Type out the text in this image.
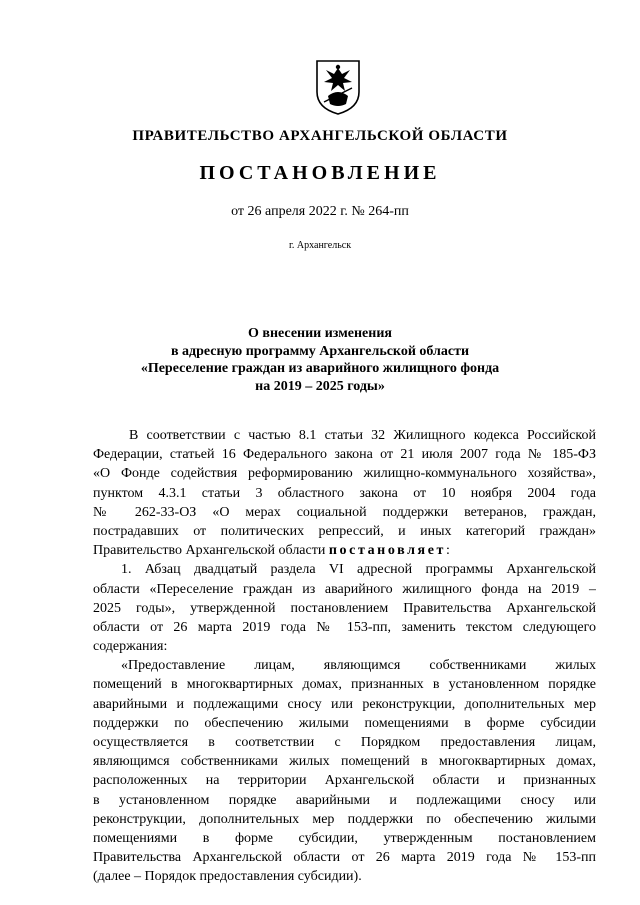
ПРАВИТЕЛЬСТВО АРХАНГЕЛЬСКОЙ ОБЛАСТИ
ПОСТАНОВЛЕНИЕ
от 26 апреля 2022 г. № 264-пп
г. Архангельск
О внесении изменения
в адресную программу Архангельской области
«Переселение граждан из аварийного жилищного фонда
на 2019 – 2025 годы»
В соответствии с частью 8.1 статьи 32 Жилищного кодекса Российской
Федерации, статьей 16 Федерального закона от 21 июля 2007 года № 185-ФЗ
«О Фонде содействия реформированию жилищно-коммунального хозяйства»,
пунктом 4.3.1 статьи 3 областного закона от 10 ноября 2004 года
№ 262-33-ОЗ «О мерах социальной поддержки ветеранов, граждан,
пострадавших от политических репрессий, и иных категорий граждан»
Правительство Архангельской области постановляет:
1. Абзац двадцатый раздела VI адресной программы Архангельской
области «Переселение граждан из аварийного жилищного фонда на 2019 –
2025 годы», утвержденной постановлением Правительства Архангельской
области от 26 марта 2019 года № 153-пп, заменить текстом следующего
содержания:
«Предоставление лицам, являющимся собственниками жилых
помещений в многоквартирных домах, признанных в установленном порядке
аварийными и подлежащими сносу или реконструкции, дополнительных мер
поддержки по обеспечению жилыми помещениями в форме субсидии
осуществляется в соответствии с Порядком предоставления лицам,
являющимся собственниками жилых помещений в многоквартирных домах,
расположенных на территории Архангельской области и признанных
в установленном порядке аварийными и подлежащими сносу или
реконструкции, дополнительных мер поддержки по обеспечению жилыми
помещениями в форме субсидии, утвержденным постановлением
Правительства Архангельской области от 26 марта 2019 года № 153-пп
(далее – Порядок предоставления субсидии).
